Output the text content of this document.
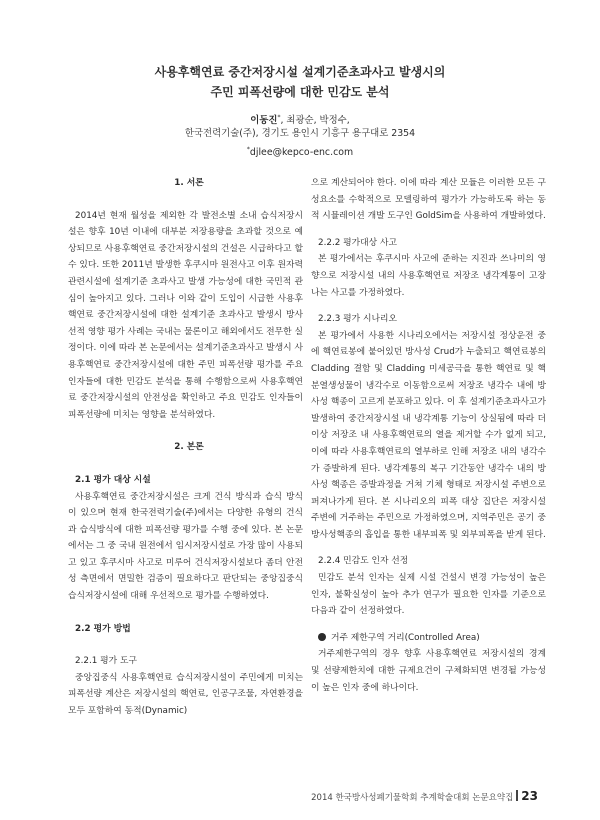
사용후핵연료 중간저장시설 설계기준초과사고 발생시의
주민 피폭선량에 대한 민감도 분석
이동진*, 최광순, 박정수,
한국전력기술(주), 경기도 용인시 기흥구 용구대로 2354
*djlee@kepco-enc.com

1. 서론

2014년 현재 월성을 제외한 각 발전소별 소내 습식저장시설은 향후 10년 이내에 대부분 저장용량을 초과할 것으로 예상되므로 사용후핵연료 중간저장시설의 건설은 시급하다고 할 수 있다. 또한 2011년 발생한 후쿠시마 원전사고 이후 원자력관련시설에 설계기준 초과사고 발생 가능성에 대한 국민적 관심이 높아지고 있다. 그러나 이와 같이 도입이 시급한 사용후핵연료 중간저장시설에 대한 설계기준 초과사고 발생시 방사선적 영향 평가 사례는 국내는 물론이고 해외에서도 전무한 실정이다. 이에 따라 본 논문에서는 설계기준초과사고 발생시 사용후핵연료 중간저장시설에 대한 주민 피폭선량 평가를 주요 인자들에 대한 민감도 분석을 통해 수행함으로써 사용후핵연료 중간저장시설의 안전성을 확인하고 주요 민감도 인자들이 피폭선량에 미치는 영향을 분석하였다.

2. 본론

2.1 평가 대상 시설

사용후핵연료 중간저장시설은 크게 건식 방식과 습식 방식이 있으며 현재 한국전력기술(주)에서는 다양한 유형의 건식과 습식방식에 대한 피폭선량 평가를 수행 중에 있다. 본 논문에서는 그 중 국내 원전에서 임시저장시설로 가장 많이 사용되고 있고 후쿠시마 사고로 미루어 건식저장시설보다 좀더 안전성 측면에서 면밀한 검증이 필요하다고 판단되는 중앙집중식 습식저장시설에 대해 우선적으로 평가를 수행하였다.

2.2 평가 방법

2.2.1 평가 도구

중앙집중식 사용후핵연료 습식저장시설이 주민에게 미치는 피폭선량 계산은 저장시설의 핵연료, 인공구조물, 자연환경을 모두 포함하여 동적(Dynamic)

으로 계산되어야 한다. 이에 따라 계산 모듈은 이러한 모든 구성요소를 수학적으로 모델링하여 평가가 가능하도록 하는 동적 시뮬레이션 개발 도구인 GoldSim을 사용하여 개발하였다.

2.2.2 평가대상 사고

본 평가에서는 후쿠시마 사고에 준하는 지진과 쓰나미의 영향으로 저장시설 내의 사용후핵연료 저장조 냉각계통이 고장나는 사고를 가정하였다.

2.2.3 평가 시나리오

본 평가에서 사용한 시나리오에서는 저장시설 정상운전 중에 핵연료봉에 붙어있던 방사성 Crud가 누출되고 핵연료봉의 Cladding 결함 및 Cladding 미세공극을 통한 핵연료 및 핵분열생성물이 냉각수로 이동함으로써 저장조 냉각수 내에 방사성 핵종이 고르게 분포하고 있다. 이 후 설계기준초과사고가 발생하여 중간저장시설 내 냉각계통 기능이 상실됨에 따라 더 이상 저장조 내 사용후핵연료의 열을 제거할 수가 없게 되고, 이에 따라 사용후핵연료의 열부하로 인해 저장조 내의 냉각수가 증발하게 된다. 냉각계통의 복구 기간동안 냉각수 내의 방사성 핵종은 증발과정을 거쳐 기체 형태로 저장시설 주변으로 퍼져나가게 된다. 본 시나리오의 피폭 대상 집단은 저장시설 주변에 거주하는 주민으로 가정하였으며, 지역주민은 공기 중 방사성핵종의 흡입을 통한 내부피폭 및 외부피폭을 받게 된다.

2.2.4 민감도 인자 선정

민감도 분석 인자는 실제 시설 건설시 변경 가능성이 높은 인자, 불확실성이 높아 추가 연구가 필요한 인자를 기준으로 다음과 같이 선정하였다.

거주 제한구역 거리(Controlled Area)

거주제한구역의 경우 향후 사용후핵연료 저장시설의 경계 및 선량제한치에 대한 규제요건이 구체화되면 변경될 가능성이 높은 인자 중에 하나이다.

2014 한국방사성폐기물학회 추계학술대회 논문요약집 23
